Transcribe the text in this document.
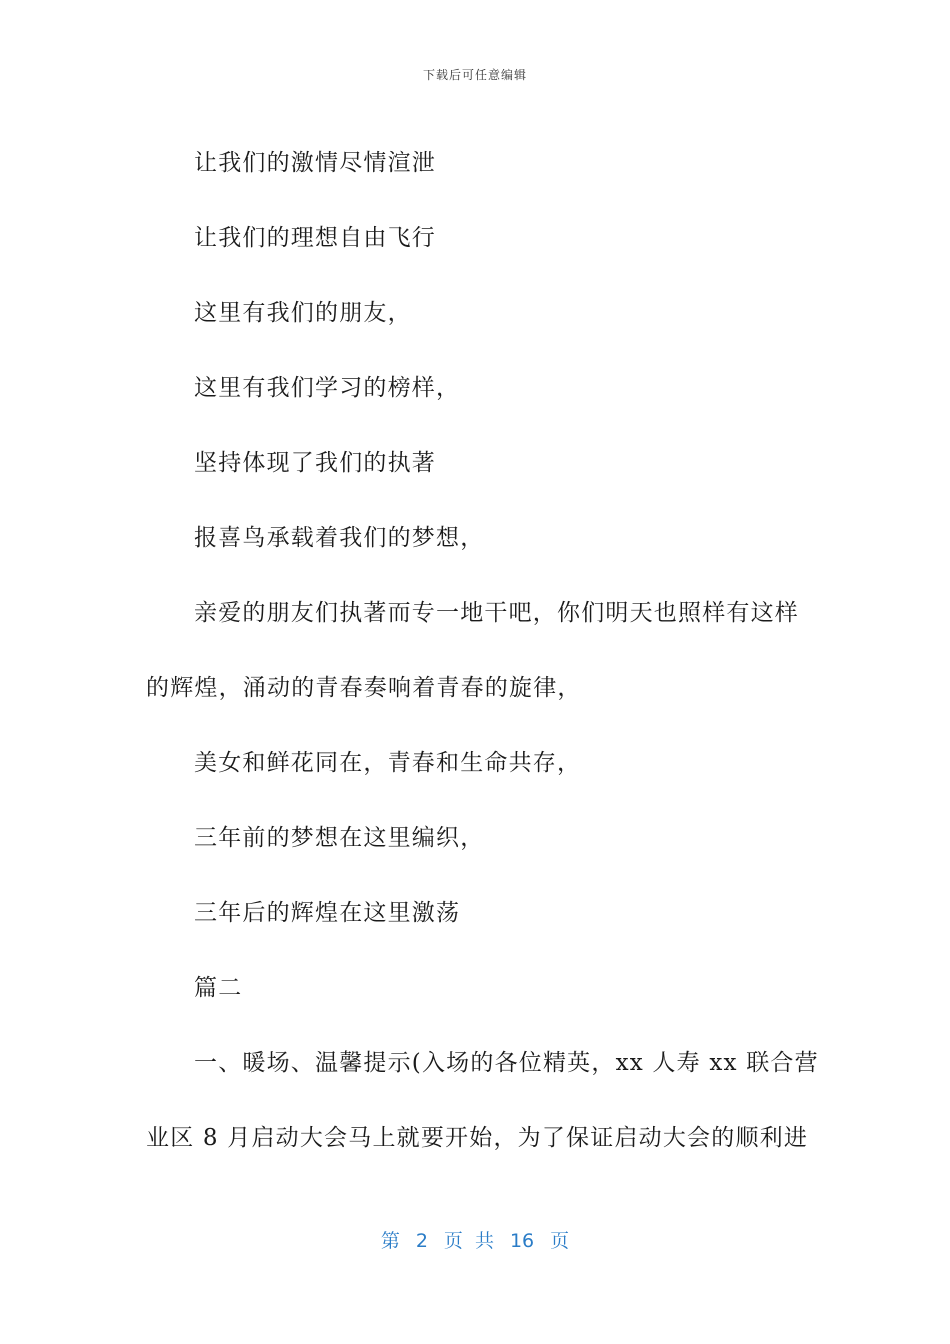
下载后可任意编辑

让我们的激情尽情渲泄

让我们的理想自由飞行

这里有我们的朋友，

这里有我们学习的榜样，

坚持体现了我们的执著

报喜鸟承载着我们的梦想，

亲爱的朋友们执著而专一地干吧，你们明天也照样有这样

的辉煌，涌动的青春奏响着青春的旋律，

美女和鲜花同在，青春和生命共存，

三年前的梦想在这里编织，

三年后的辉煌在这里激荡

篇二

一、暖场、温馨提示(入场的各位精英，xx 人寿 xx 联合营

业区 8 月启动大会马上就要开始，为了保证启动大会的顺利进

第 2 页 共 16 页
